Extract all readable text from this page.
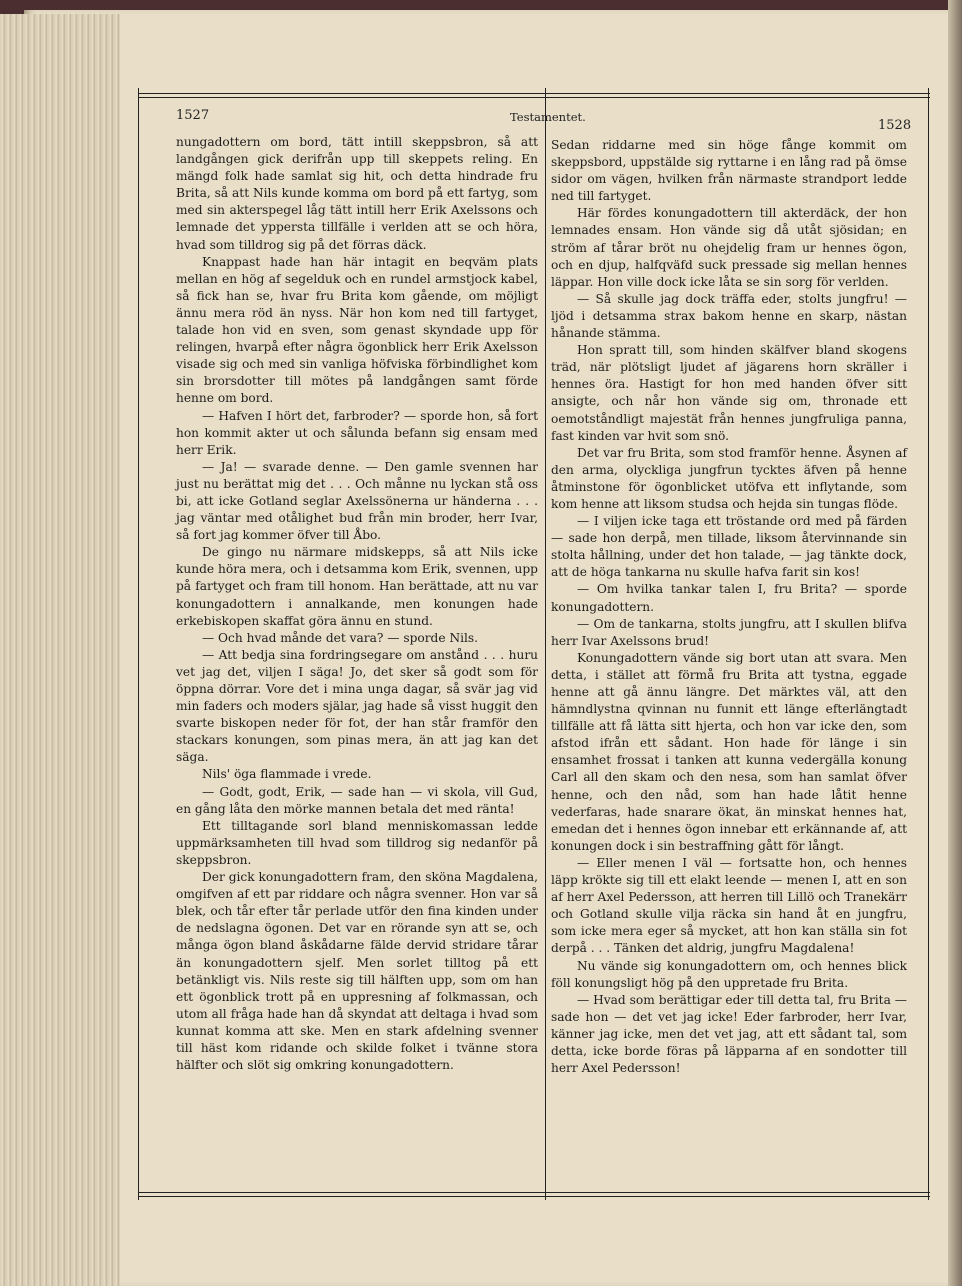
1527	Testamentet.
1528

nungadottern om bord, tätt intill skeppsbron, så att landgången gick derifrån upp till skeppets reling. En mängd folk hade samlat sig hit, och detta hindrade fru Brita, så att Nils kunde komma om bord på ett fartyg, som med sin akterspegel låg tätt intill herr Erik Axelssons och lemnade det yppersta tillfälle i verlden att se och höra, hvad som tilldrog sig på det förras däck.

Knappast hade han här intagit en beqväm plats mellan en hög af segelduk och en rundel armstjock kabel, så fick han se, hvar fru Brita kom gående, om möjligt ännu mera röd än nyss. När hon kom ned till fartyget, talade hon vid en sven, som genast skyndade upp för relingen, hvarpå efter några ögonblick herr Erik Axelsson visade sig och med sin vanliga höfviska förbindlighet kom sin brorsdotter till mötes på landgången samt förde henne om bord.

— Hafven I hört det, farbroder? — sporde hon, så fort hon kommit akter ut och sålunda befann sig ensam med herr Erik.

— Ja! — svarade denne. — Den gamle svennen har just nu berättat mig det . . . Och månne nu lyckan stå oss bi, att icke Gotland seglar Axelssönerna ur händerna . . . jag väntar med otålighet bud från min broder, herr Ivar, så fort jag kommer öfver till Åbo.

De gingo nu närmare midskepps, så att Nils icke kunde höra mera, och i detsamma kom Erik, svennen, upp på fartyget och fram till honom. Han berättade, att nu var konungadottern i annalkande, men konungen hade erkebiskopen skaffat göra ännu en stund.

— Och hvad månde det vara? — sporde Nils.

— Att bedja sina fordringsegare om anstånd . . . huru vet jag det, viljen I säga! Jo, det sker så godt som för öppna dörrar. Vore det i mina unga dagar, så svär jag vid min faders och moders själar, jag hade så visst huggit den svarte biskopen neder för fot, der han står framför den stackars konungen, som pinas mera, än att jag kan det säga.

Nils' öga flammade i vrede.

— Godt, godt, Erik, — sade han — vi skola, vill Gud, en gång låta den mörke mannen betala det med ränta!

Ett tilltagande sorl bland menniskomassan ledde uppmärksamheten till hvad som tilldrog sig nedanför på skeppsbron.

Der gick konungadottern fram, den sköna Magdalena, omgifven af ett par riddare och några svenner. Hon var så blek, och tår efter tår perlade utför den fina kinden under de nedslagna ögonen. Det var en rörande syn att se, och många ögon bland åskådarne fälde dervid stridare tårar än konungadottern sjelf. Men sorlet tilltog på ett betänkligt vis. Nils reste sig till hälften upp, som om han ett ögonblick trott på en uppresning af folkmassan, och utom all fråga hade han då skyndat att deltaga i hvad som kunnat komma att ske. Men en stark afdelning svenner till häst kom ridande och skilde folket i tvänne stora hälfter och slöt sig omkring konungadottern.

Sedan riddarne med sin höge fånge kommit om skeppsbord, uppstälde sig ryttarne i en lång rad på ömse sidor om vägen, hvilken från närmaste strandport ledde ned till fartyget.

Här fördes konungadottern till akterdäck, der hon lemnades ensam. Hon vände sig då utåt sjösidan; en ström af tårar bröt nu ohejdelig fram ur hennes ögon, och en djup, halfqväfd suck pressade sig mellan hennes läppar. Hon ville dock icke låta se sin sorg för verlden.

— Så skulle jag dock träffa eder, stolts jungfru! — ljöd i detsamma strax bakom henne en skarp, nästan hånande stämma.

Hon spratt till, som hinden skälfver bland skogens träd, när plötsligt ljudet af jägarens horn skräller i hennes öra. Hastigt for hon med handen öfver sitt ansigte, och når hon vände sig om, thronade ett oemotståndligt majestät från hennes jungfruliga panna, fast kinden var hvit som snö.

Det var fru Brita, som stod framför henne. Åsynen af den arma, olyckliga jungfrun tycktes äfven på henne åtminstone för ögonblicket utöfva ett inflytande, som kom henne att liksom studsa och hejda sin tungas flöde.

— I viljen icke taga ett tröstande ord med på färden — sade hon derpå, men tillade, liksom återvinnande sin stolta hållning, under det hon talade, — jag tänkte dock, att de höga tankarna nu skulle hafva farit sin kos!

— Om hvilka tankar talen I, fru Brita? — sporde konungadottern.

— Om de tankarna, stolts jungfru, att I skullen blifva herr Ivar Axelssons brud!

Konungadottern vände sig bort utan att svara. Men detta, i stället att förmå fru Brita att tystna, eggade henne att gå ännu längre. Det märktes väl, att den hämndlystna qvinnan nu funnit ett länge efterlängtadt tillfälle att få lätta sitt hjerta, och hon var icke den, som afstod ifrån ett sådant. Hon hade för länge i sin ensamhet frossat i tanken att kunna vedergälla konung Carl all den skam och den nesa, som han samlat öfver henne, och den nåd, som han hade låtit henne vederfaras, hade snarare ökat, än minskat hennes hat, emedan det i hennes ögon innebar ett erkännande af, att konungen dock i sin bestraffning gått för långt.

— Eller menen I väl — fortsatte hon, och hennes läpp krökte sig till ett elakt leende — menen I, att en son af herr Axel Pedersson, att herren till Lillö och Tranekärr och Gotland skulle vilja räcka sin hand åt en jungfru, som icke mera eger så mycket, att hon kan ställa sin fot derpå . . . Tänken det aldrig, jungfru Magdalena!

Nu vände sig konungadottern om, och hennes blick föll konungsligt hög på den uppretade fru Brita.

— Hvad som berättigar eder till detta tal, fru Brita — sade hon — det vet jag icke! Eder farbroder, herr Ivar, känner jag icke, men det vet jag, att ett sådant tal, som detta, icke borde föras på läpparna af en sondotter till herr Axel Pedersson!
